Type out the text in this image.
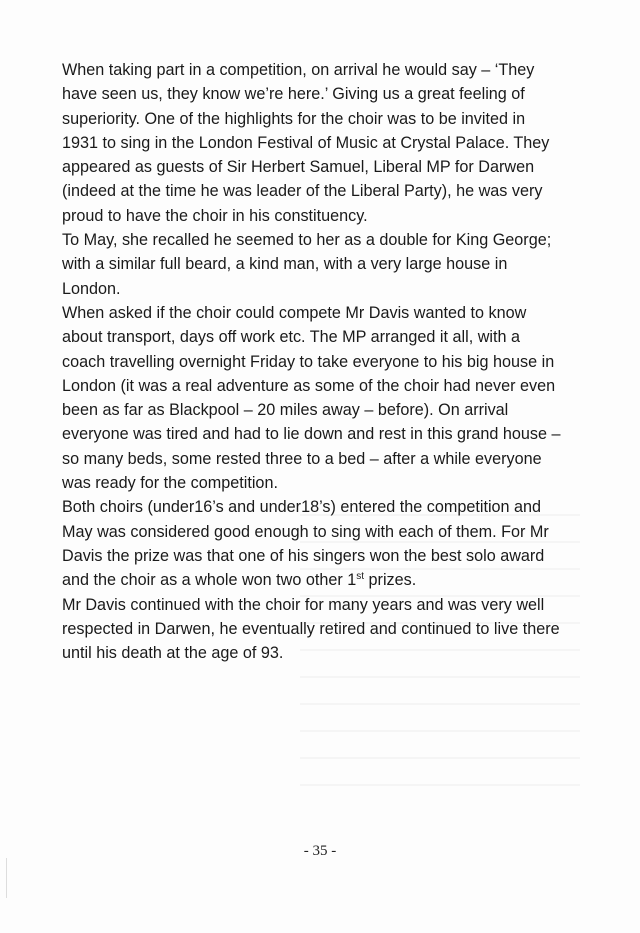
When taking part in a competition, on arrival he would say – ‘They
have seen us, they know we’re here.’ Giving us a great feeling of
superiority. One of the highlights for the choir was to be invited in
1931 to sing in the London Festival of Music at Crystal Palace. They
appeared as guests of Sir Herbert Samuel, Liberal MP for Darwen
(indeed at the time he was leader of the Liberal Party), he was very
proud to have the choir in his constituency.

To May, she recalled he seemed to her as a double for King George;
with a similar full beard, a kind man, with a very large house in
London.

When asked if the choir could compete Mr Davis wanted to know
about transport, days off work etc. The MP arranged it all, with a
coach travelling overnight Friday to take everyone to his big house in
London (it was a real adventure as some of the choir had never even
been as far as Blackpool – 20 miles away – before). On arrival
everyone was tired and had to lie down and rest in this grand house –
so many beds, some rested three to a bed – after a while everyone
was ready for the competition.

Both choirs (under16’s and under18’s) entered the competition and
May was considered good enough to sing with each of them. For Mr
Davis the prize was that one of his singers won the best solo award
and the choir as a whole won two other 1st prizes.

Mr Davis continued with the choir for many years and was very well
respected in Darwen, he eventually retired and continued to live there
until his death at the age of 93.

- 35 -
